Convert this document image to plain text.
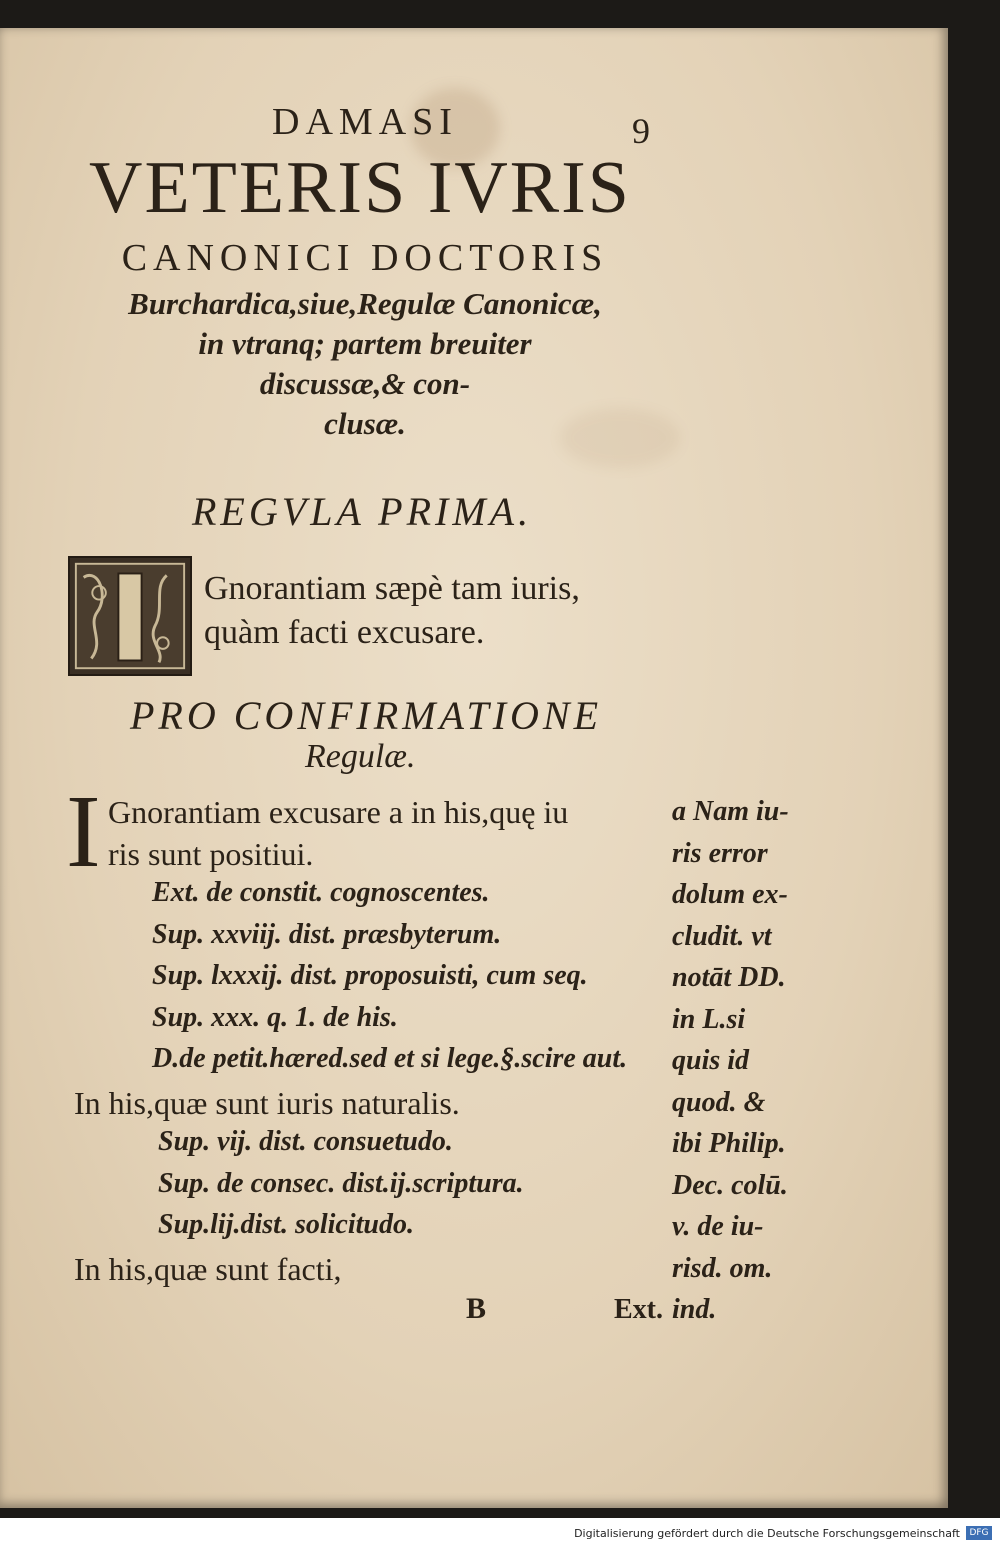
9
DAMASI
VETERIS IVRIS
CANONICI DOCTORIS
Burchardica,siue,Regulæ Canonicæ,
in vtranq; partem breuiter
discussæ,& con-
clusæ.
REGVLA PRIMA.
Gnorantiam sæpè tam iuris,
quàm facti excusare.
PRO CONFIRMATIONE
Regulæ.
I
B	Ext.
Gnorantiam excusare a in his,quę iu
ris sunt positiui.
Ext. de constit. cognoscentes.
Sup. xxviij. dist. præsbyterum.
Sup. lxxxij. dist. proposuisti, cum seq.
Sup. xxx. q. 1. de his.
D.de petit.hæred.sed et si lege.§.scire aut.
In his,quæ sunt iuris naturalis.
Sup. vij. dist. consuetudo.
Sup. de consec. dist.ij.scriptura.
Sup.lij.dist. solicitudo.
In his,quæ sunt facti,
a Nam iu-
ris error
dolum ex-
cludit. vt
notāt DD.
in L.si
quis id
quod. &
ibi Philip.
Dec. colū.
v. de iu-
risd. om.
ind.
Digitalisierung gefördert durch die Deutsche Forschungsgemeinschaft	DFG
